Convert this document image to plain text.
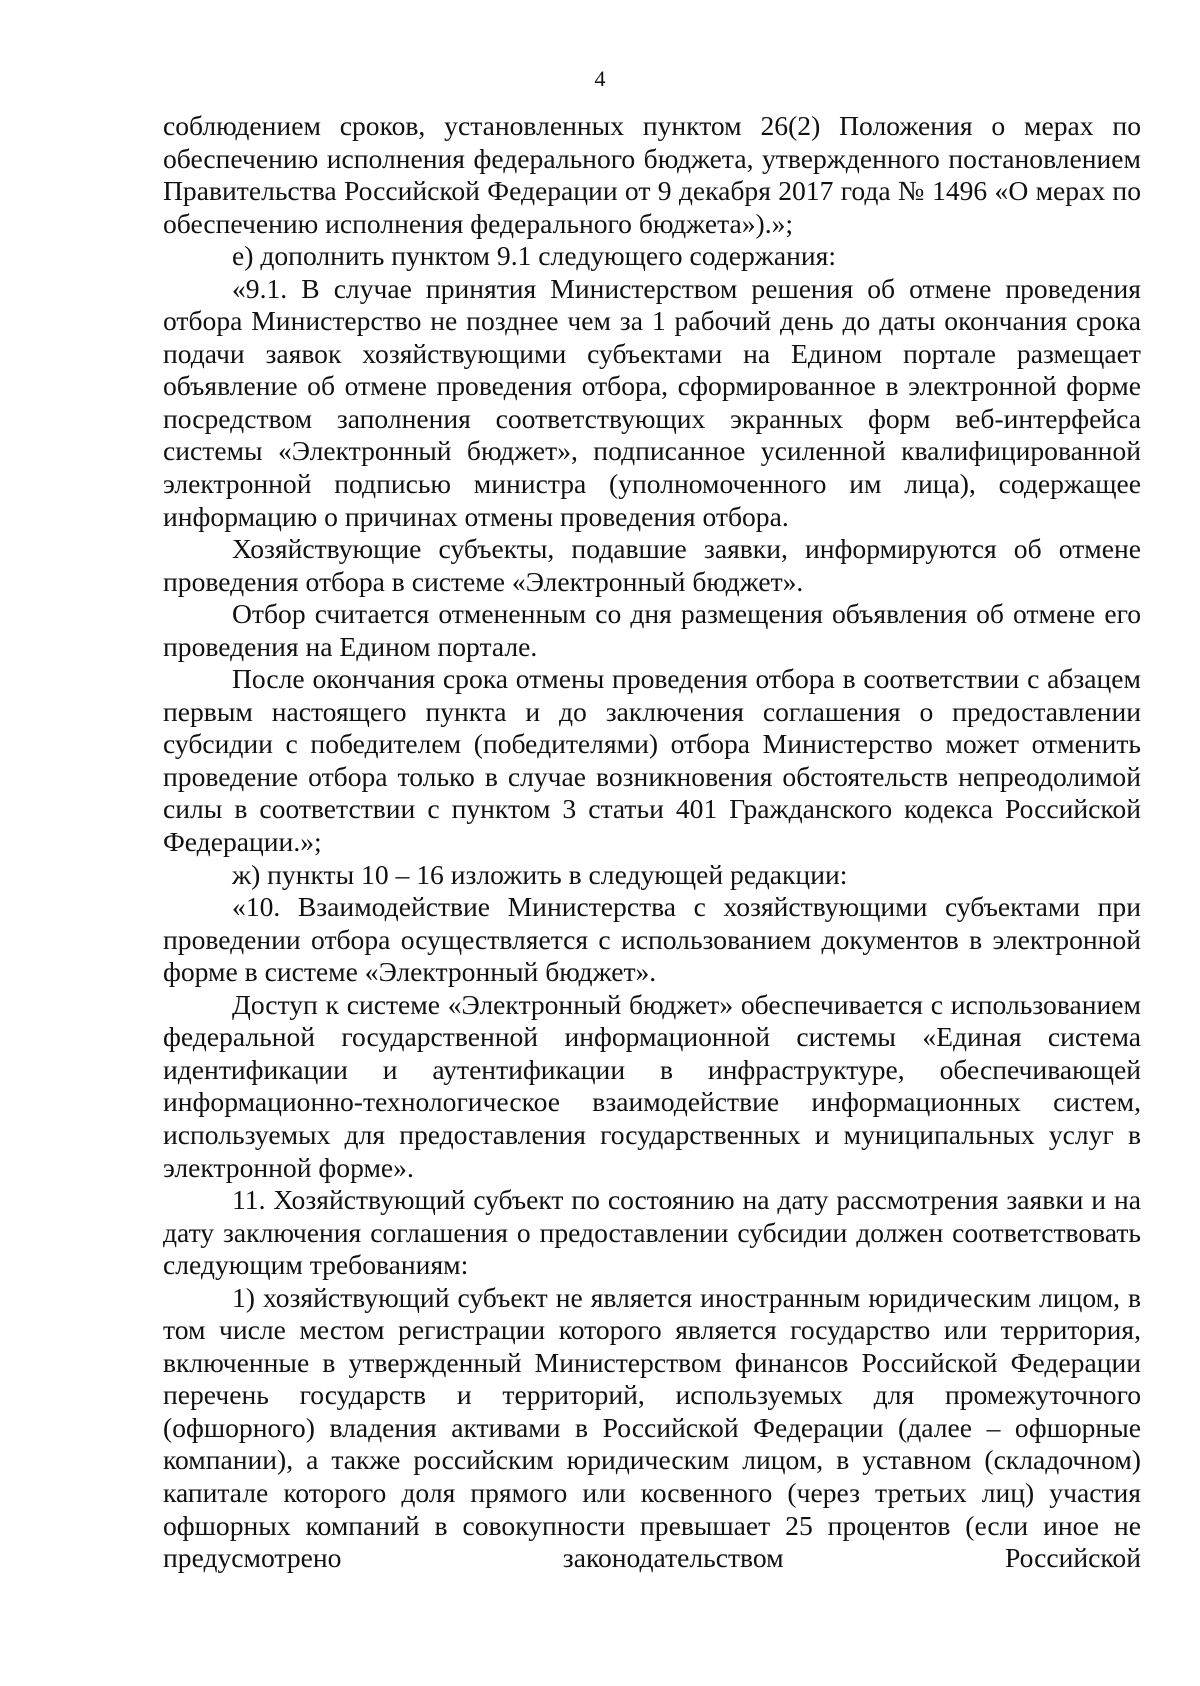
4

соблюдением сроков, установленных пунктом 26(2) Положения о мерах по обеспечению исполнения федерального бюджета, утвержденного постановлением Правительства Российской Федерации от 9 декабря 2017 года № 1496 «О мерах по обеспечению исполнения федерального бюджета»).»;

е) дополнить пунктом 9.1 следующего содержания:

«9.1. В случае принятия Министерством решения об отмене проведения отбора Министерство не позднее чем за 1 рабочий день до даты окончания срока подачи заявок хозяйствующими субъектами на Едином портале размещает объявление об отмене проведения отбора, сформированное в электронной форме посредством заполнения соответствующих экранных форм веб-интерфейса системы «Электронный бюджет», подписанное усиленной квалифицированной электронной подписью министра (уполномоченного им лица), содержащее информацию о причинах отмены проведения отбора.

Хозяйствующие субъекты, подавшие заявки, информируются об отмене проведения отбора в системе «Электронный бюджет».

Отбор считается отмененным со дня размещения объявления об отмене его проведения на Едином портале.

После окончания срока отмены проведения отбора в соответствии с абзацем первым настоящего пункта и до заключения соглашения о предоставлении субсидии с победителем (победителями) отбора Министерство может отменить проведение отбора только в случае возникновения обстоятельств непреодолимой силы в соответствии с пунктом 3 статьи 401 Гражданского кодекса Российской Федерации.»;

ж) пункты 10 – 16 изложить в следующей редакции:

«10. Взаимодействие Министерства с хозяйствующими субъектами при проведении отбора осуществляется с использованием документов в электронной форме в системе «Электронный бюджет».

Доступ к системе «Электронный бюджет» обеспечивается с использованием федеральной государственной информационной системы «Единая система идентификации и аутентификации в инфраструктуре, обеспечивающей информационно-технологическое взаимодействие информационных систем, используемых для предоставления государственных и муниципальных услуг в электронной форме».

11. Хозяйствующий субъект по состоянию на дату рассмотрения заявки и на дату заключения соглашения о предоставлении субсидии должен соответствовать следующим требованиям:

1) хозяйствующий субъект не является иностранным юридическим лицом, в том числе местом регистрации которого является государство или территория, включенные в утвержденный Министерством финансов Российской Федерации перечень государств и территорий, используемых для промежуточного (офшорного) владения активами в Российской Федерации (далее – офшорные компании), а также российским юридическим лицом, в уставном (складочном) капитале которого доля прямого или косвенного (через третьих лиц) участия офшорных компаний в совокупности превышает 25 процентов (если иное не предусмотрено законодательством Российской
